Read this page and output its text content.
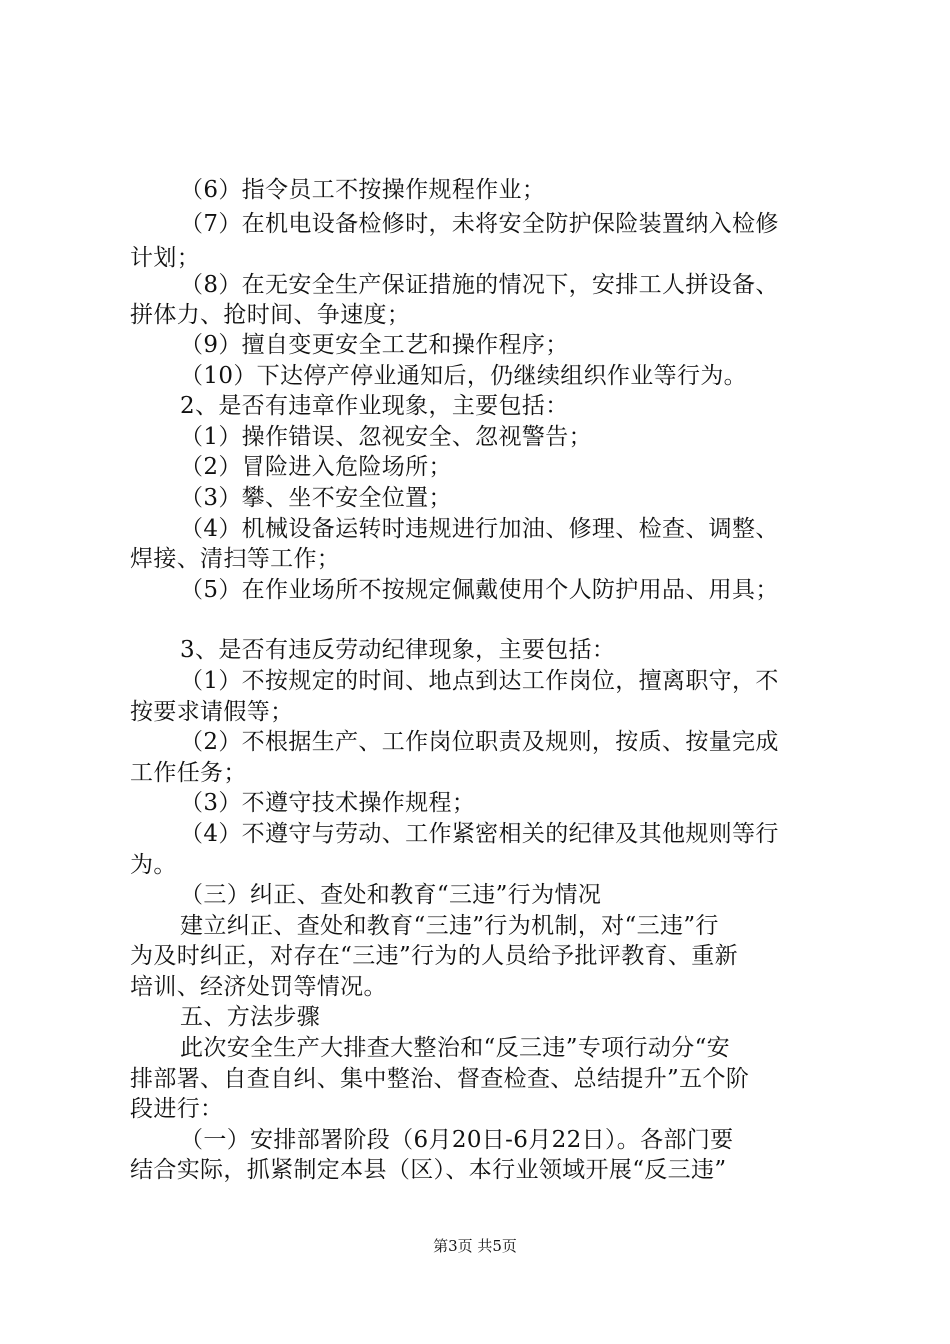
（6）指令员工不按操作规程作业；
（7）在机电设备检修时，未将安全防护保险装置纳入检修
计划；
（8）在无安全生产保证措施的情况下，安排工人拼设备、
拼体力、抢时间、争速度；
（9）擅自变更安全工艺和操作程序；
（10）下达停产停业通知后，仍继续组织作业等行为。
2、是否有违章作业现象，主要包括：
（1）操作错误、忽视安全、忽视警告；
（2）冒险进入危险场所；
（3）攀、坐不安全位置；
（4）机械设备运转时违规进行加油、修理、检查、调整、
焊接、清扫等工作；
（5）在作业场所不按规定佩戴使用个人防护用品、用具；
3、是否有违反劳动纪律现象，主要包括：
（1）不按规定的时间、地点到达工作岗位，擅离职守，不
按要求请假等；
（2）不根据生产、工作岗位职责及规则，按质、按量完成
工作任务；
（3）不遵守技术操作规程；
（4）不遵守与劳动、工作紧密相关的纪律及其他规则等行
为。
（三）纠正、查处和教育“三违”行为情况
建立纠正、查处和教育“三违”行为机制，对“三违”行
为及时纠正，对存在“三违”行为的人员给予批评教育、重新
培训、经济处罚等情况。
五、方法步骤
此次安全生产大排查大整治和“反三违”专项行动分“安
排部署、自查自纠、集中整治、督查检查、总结提升”五个阶
段进行：
（一）安排部署阶段（6月20日-6月22日）。各部门要
结合实际，抓紧制定本县（区）、本行业领域开展“反三违”
第3页 共5页
